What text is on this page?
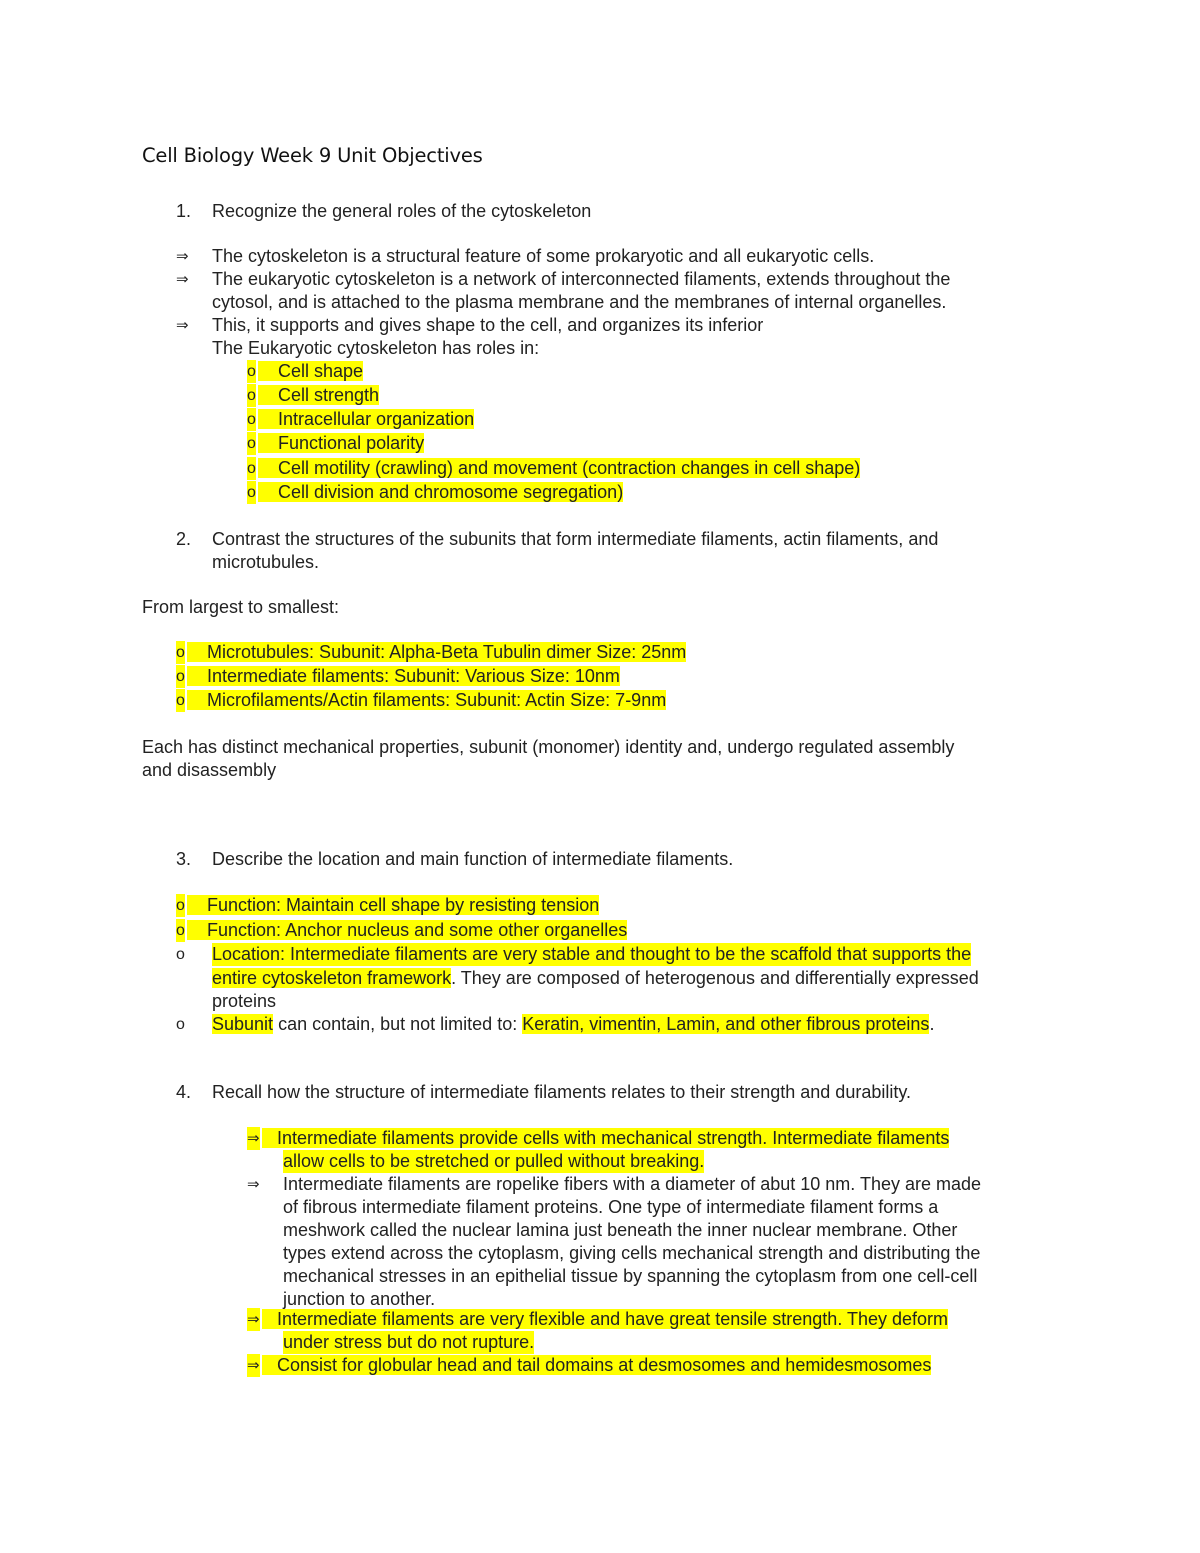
Cell Biology Week 9 Unit Objectives
1.	Recognize the general roles of the cytoskeleton
⇒ The cytoskeleton is a structural feature of some prokaryotic and all eukaryotic cells.
⇒ The eukaryotic cytoskeleton is a network of interconnected filaments, extends throughout the
cytosol, and is attached to the plasma membrane and the membranes of internal organelles.
⇒ This, it supports and gives shape to the cell, and organizes its inferior
The Eukaryotic cytoskeleton has roles in:
o	Cell shape
o	Cell strength
o	Intracellular organization
o	Functional polarity
o	Cell motility (crawling) and movement (contraction changes in cell shape)
o	Cell division and chromosome segregation)
2.	Contrast the structures of the subunits that form intermediate filaments, actin filaments, and
microtubules.
From largest to smallest:
o	Microtubules: Subunit: Alpha-Beta Tubulin dimer Size: 25nm
o	Intermediate filaments: Subunit: Various Size: 10nm
o	Microfilaments/Actin filaments: Subunit: Actin Size: 7-9nm
Each has distinct mechanical properties, subunit (monomer) identity and, undergo regulated assembly
and disassembly
3.	Describe the location and main function of intermediate filaments.
o	Function: Maintain cell shape by resisting tension
o	Function: Anchor nucleus and some other organelles
o Location: Intermediate filaments are very stable and thought to be the scaffold that supports the
entire cytoskeleton framework. They are composed of heterogenous and differentially expressed
proteins
o Subunit can contain, but not limited to: Keratin, vimentin, Lamin, and other fibrous proteins.
4.	Recall how the structure of intermediate filaments relates to their strength and durability.
⇒ Intermediate filaments provide cells with mechanical strength. Intermediate filaments
allow cells to be stretched or pulled without breaking.
⇒ Intermediate filaments are ropelike fibers with a diameter of abut 10 nm. They are made
of fibrous intermediate filament proteins. One type of intermediate filament forms a
meshwork called the nuclear lamina just beneath the inner nuclear membrane. Other
types extend across the cytoplasm, giving cells mechanical strength and distributing the
mechanical stresses in an epithelial tissue by spanning the cytoplasm from one cell-cell
junction to another.
⇒ Intermediate filaments are very flexible and have great tensile strength. They deform
under stress but do not rupture.
⇒ Consist for globular head and tail domains at desmosomes and hemidesmosomes
